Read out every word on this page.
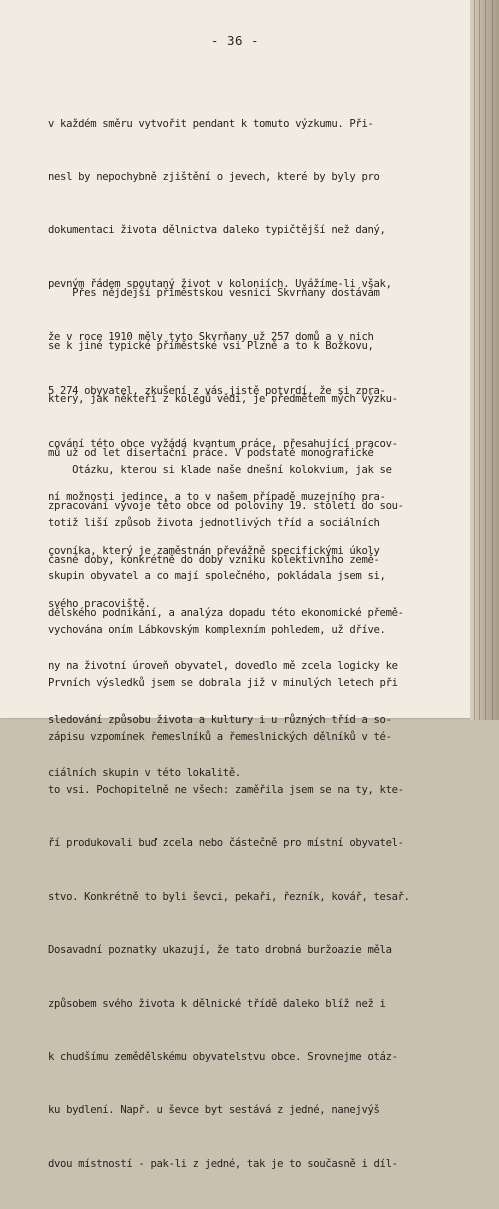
- 36 -

v každém směru vytvořit pendant k tomuto výzkumu. Při-

nesl by nepochybně zjištění o jevech, které by byly pro

dokumentaci života dělnictva daleko typičtější než daný,

pevným řádem spoutaný život v koloniích. Uvážíme-li však,

že v roce 1910 měly tyto Skvrňany už 257 domů a v nich

5 274 obyvatel, zkušení z vás jistě potvrdí, že si zpra-

cování této obce vyžádá kvantum práce, přesahující pracov-

ní možnosti jedince, a to v našem případě muzejního pra-

covníka, který je zaměstnán převážně specifickými úkoly

svého pracoviště.

Přes nějdejší příměstskou vesnici Skvrňany dostávám

se k jiné typické příměstské vsi Plzně a to k Božkovu,

který, jak někteří z kolegů vědí, je předmětem mých výzku-

mů už od let disertační práce. V podstatě monografické

zpracování vývoje této obce od poloviny 19. století do sou-

časné doby, konkrétně do doby vzniku kolektivního země-

dělského podnikání, a analýza dopadu této ekonomické přemě-

ny na životní úroveň obyvatel, dovedlo mě zcela logicky ke

sledování způsobu života a kultury i u různých tříd a so-

ciálních skupin v této lokalitě.

Otázku, kterou si klade naše dnešní kolokvium, jak se

totiž liší způsob života jednotlivých tříd a sociálních

skupin obyvatel a co mají společného, pokládala jsem si,

vychována oním Lábkovským komplexním pohledem, už dříve.

Prvních výsledků jsem se dobrala již v minulých letech při

zápisu vzpomínek řemeslníků a řemeslnických dělníků v té-

to vsi. Pochopitelně ne všech: zaměřila jsem se na ty, kte-

ří produkovali buď zcela nebo částečně pro místní obyvatel-

stvo. Konkrétně to byli ševci, pekaři, řezník, kovář, tesař.

Dosavadní poznatky ukazují, že tato drobná buržoazie měla

způsobem svého života k dělnické třídě daleko blíž než i

k chudšímu zemědělskému obyvatelstvu obce. Srovnejme otáz-

ku bydlení. Např. u ševce byt sestává z jedné, nanejvýš

dvou místností - pak-li z jedné, tak je to současně i díl-
